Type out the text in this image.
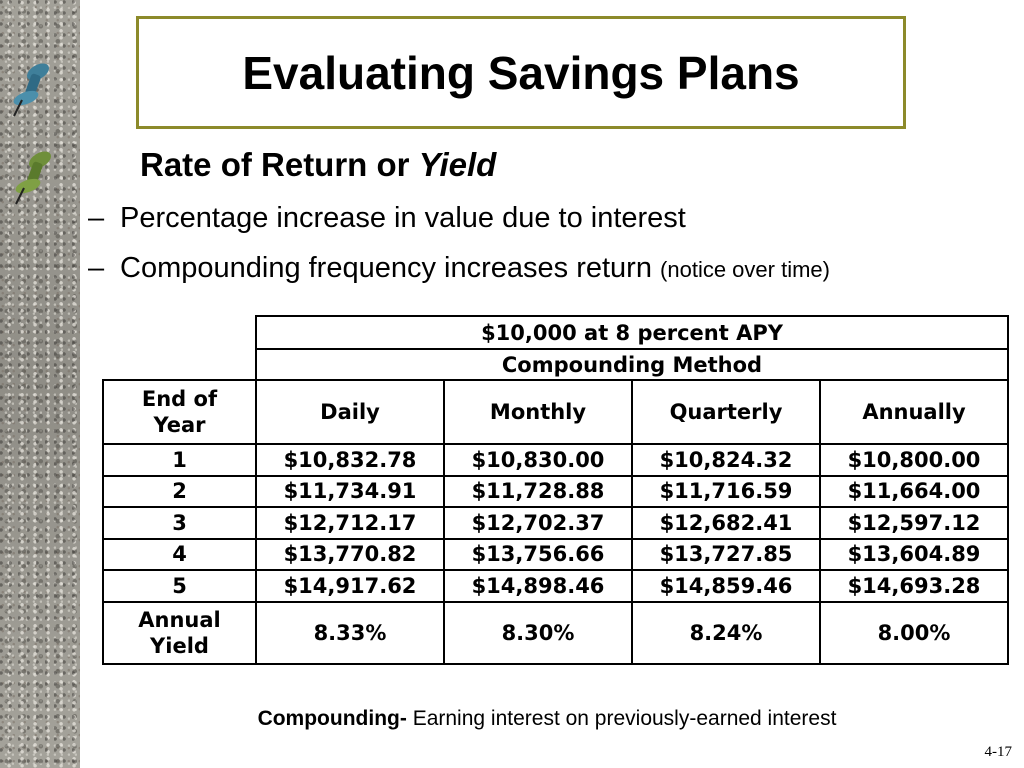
Evaluating Savings Plans
Rate of Return or Yield
– Percentage increase in value due to interest
– Compounding frequency increases return (notice over time)
	$10,000 at 8 percent APY			
	Compounding Method			

End of
Year	Daily	Monthly	Quarterly	Annually
1	$10,832.78	$10,830.00	$10,824.32	$10,800.00
2	$11,734.91	$11,728.88	$11,716.59	$11,664.00
3	$12,712.17	$12,702.37	$12,682.41	$12,597.12
4	$13,770.82	$13,756.66	$13,727.85	$13,604.89
5	$14,917.62	$14,898.46	$14,859.46	$14,693.28

Annual
Yield	8.33%	8.30%	8.24%	8.00%
Compounding- Earning interest on previously-earned interest
4-17
